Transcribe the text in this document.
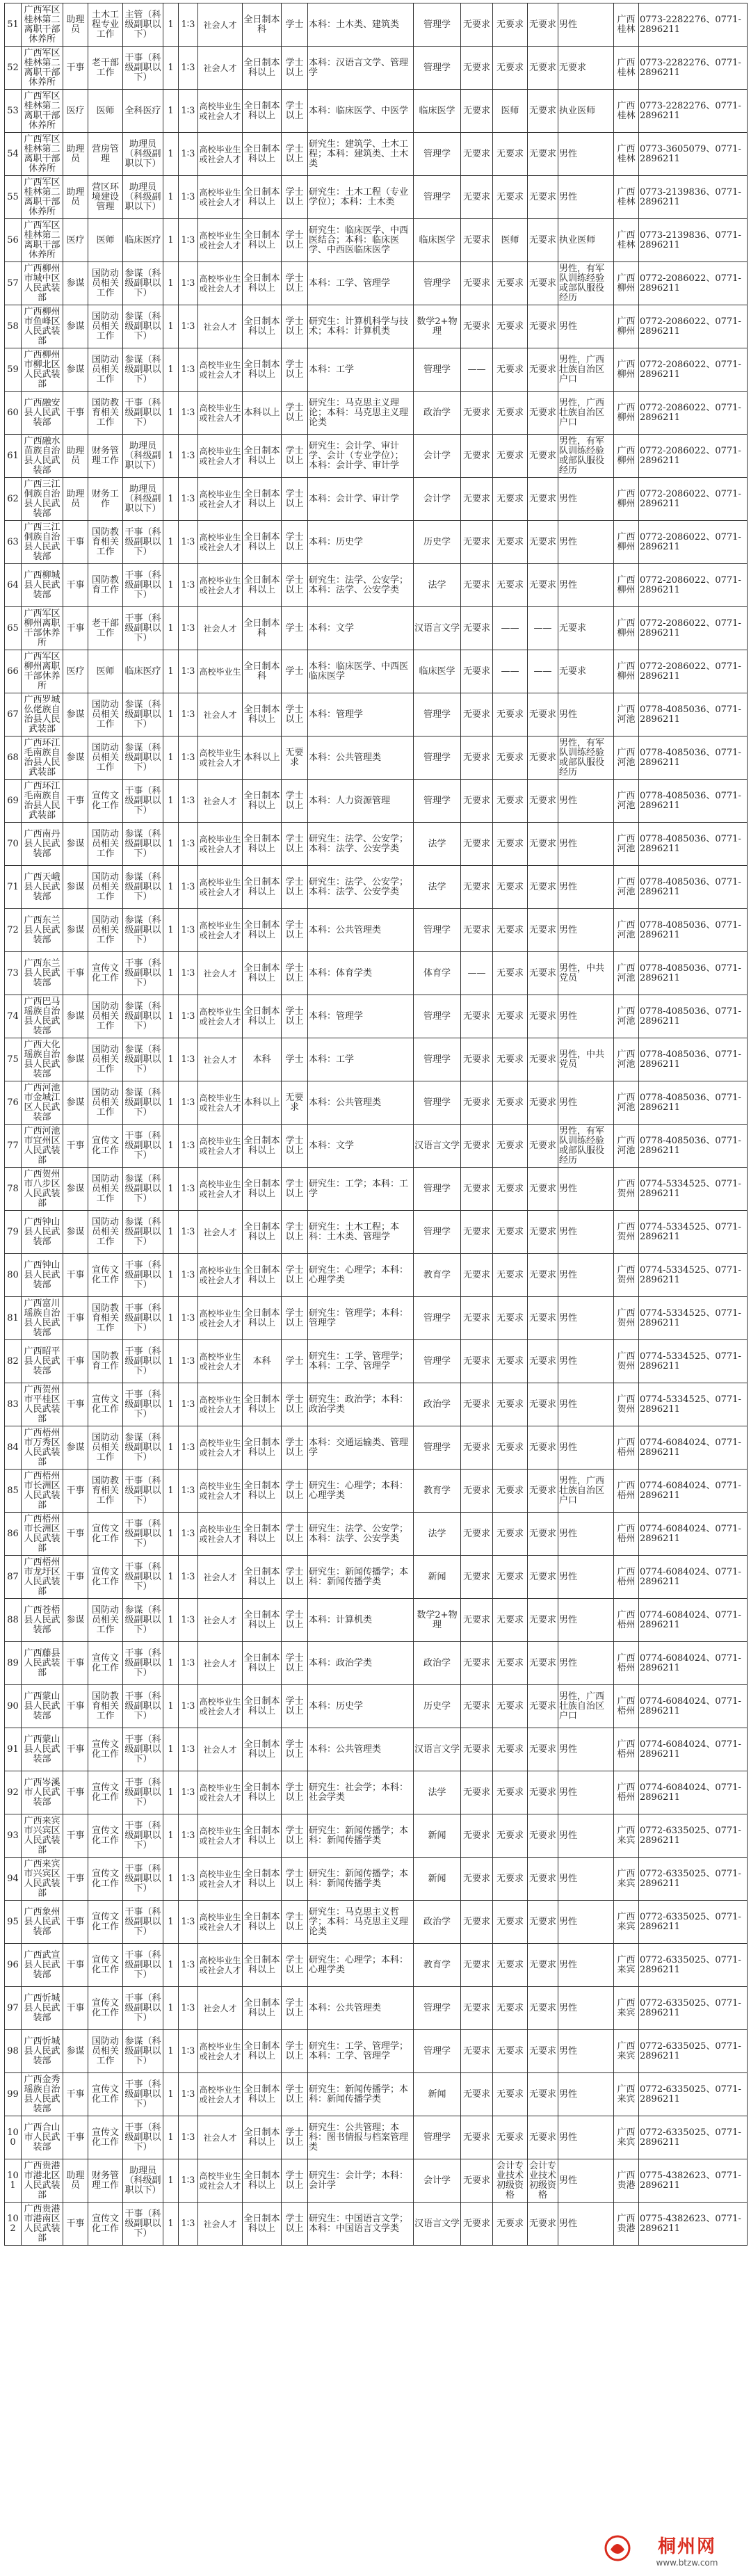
51	广西军区桂林第二离职干部休养所	助理员	土木工程专业工作	主管（科级副职以下）	1	1∶3	社会人才	全日制本科	学士	本科：土木类、建筑类	管理学	无要求	无要求	无要求	男性	广西桂林	0773-2282276、0771-2896211
52	广西军区桂林第二离职干部休养所	干事	老干部工作	干事（科级副职以下）	1	1∶3	社会人才	全日制本科以上	学士以上	本科：汉语言文学、管理学	管理学	无要求	无要求	无要求	无要求	广西桂林	0773-2282276、0771-2896211
53	广西军区桂林第二离职干部休养所	医疗	医师	全科医疗	1	1∶3	高校毕业生或社会人才	全日制本科以上	学士以上	本科：临床医学、中医学	临床医学	无要求	医师	无要求	执业医师	广西桂林	0773-2282276、0771-2896211
54	广西军区桂林第二离职干部休养所	助理员	营房管理	助理员（科级副职以下）	1	1∶3	高校毕业生或社会人才	全日制本科以上	学士以上	研究生：建筑学、土木工程；本科：建筑类、土木类	管理学	无要求	无要求	无要求	男性	广西桂林	0773-3605079、0771-2896211
55	广西军区桂林第二离职干部休养所	助理员	营区环境建设管理	助理员（科级副职以下）	1	1∶3	高校毕业生或社会人才	全日制本科以上	学士以上	研究生：土木工程（专业学位）；本科：土木类	管理学	无要求	无要求	无要求	男性	广西桂林	0773-2139836、0771-2896211
56	广西军区桂林第二离职干部休养所	医疗	医师	临床医疗	1	1∶3	高校毕业生或社会人才	全日制本科以上	学士以上	研究生：临床医学、中西医结合；本科：临床医学、中西医临床医学	临床医学	无要求	医师	无要求	执业医师	广西桂林	0773-2139836、0771-2896211
57	广西柳州市城中区人民武装部	参谋	国防动员相关工作	参谋（科级副职以下）	1	1∶3	高校毕业生或社会人才	全日制本科以上	学士以上	本科：工学、管理学	管理学	无要求	无要求	无要求	男性，有军队训练经验或部队服役经历	广西柳州	0772-2086022、0771-2896211
58	广西柳州市鱼峰区人民武装部	参谋	国防动员相关工作	参谋（科级副职以下）	1	1∶3	社会人才	全日制本科以上	学士以上	研究生：计算机科学与技术；本科：计算机类	数学2+物理	无要求	无要求	无要求	男性	广西柳州	0772-2086022、0771-2896211
59	广西柳州市柳北区人民武装部	参谋	国防动员相关工作	参谋（科级副职以下）	1	1∶3	高校毕业生或社会人才	全日制本科以上	学士以上	本科：工学	管理学	——	无要求	无要求	男性，广西壮族自治区户口	广西柳州	0772-2086022、0771-2896211
60	广西融安县人民武装部	干事	国防教育相关工作	干事（科级副职以下）	1	1∶3	高校毕业生或社会人才	本科以上	学士以上	研究生：马克思主义理论；本科：马克思主义理论类	政治学	无要求	无要求	无要求	男性，广西壮族自治区户口	广西柳州	0772-2086022、0771-2896211
61	广西融水苗族自治县人民武装部	助理员	财务管理工作	助理员（科级副职以下）	1	1∶3	高校毕业生或社会人才	全日制本科以上	学士以上	研究生：会计学、审计学、会计（专业学位）；本科：会计学、审计学	会计学	无要求	无要求	无要求	男性，有军队训练经验或部队服役经历	广西柳州	0772-2086022、0771-2896211
62	广西三江侗族自治县人民武装部	助理员	财务工作	助理员（科级副职以下）	1	1∶3	高校毕业生或社会人才	全日制本科以上	学士以上	本科：会计学、审计学	会计学	无要求	无要求	无要求	男性	广西柳州	0772-2086022、0771-2896211
63	广西三江侗族自治县人民武装部	干事	国防教育相关工作	干事（科级副职以下）	1	1∶3	高校毕业生或社会人才	全日制本科以上	学士以上	本科：历史学	历史学	无要求	无要求	无要求	男性	广西柳州	0772-2086022、0771-2896211
64	广西柳城县人民武装部	干事	国防教育工作	干事（科级副职以下）	1	1∶3	高校毕业生或社会人才	全日制本科以上	学士以上	研究生：法学、公安学；本科：法学、公安学类	法学	无要求	无要求	无要求	男性	广西柳州	0772-2086022、0771-2896211
65	广西军区柳州离职干部休养所	干事	老干部工作	干事（科级副职以下）	1	1∶3	社会人才	全日制本科	学士	本科：文学	汉语言文学	无要求	——	——	无要求	广西柳州	0772-2086022、0771-2896211
66	广西军区柳州离职干部休养所	医疗	医师	临床医疗	1	1∶3	高校毕业生	全日制本科	学士	本科：临床医学、中西医临床医学	临床医学	无要求	——	——	无要求	广西柳州	0772-2086022、0771-2896211
67	广西罗城仫佬族自治县人民武装部	参谋	国防动员相关工作	参谋（科级副职以下）	1	1∶3	社会人才	全日制本科以上	学士以上	本科：管理学	管理学	无要求	无要求	无要求	男性	广西河池	0778-4085036、0771-2896211
68	广西环江毛南族自治县人民武装部	参谋	国防动员相关工作	参谋（科级副职以下）	1	1∶3	高校毕业生或社会人才	本科以上	无要求	本科：公共管理类	管理学	无要求	无要求	无要求	男性，有军队训练经验或部队服役经历	广西河池	0778-4085036、0771-2896211
69	广西环江毛南族自治县人民武装部	干事	宣传文化工作	干事（科级副职以下）	1	1∶3	社会人才	全日制本科以上	学士以上	本科：人力资源管理	管理学	无要求	无要求	无要求	男性	广西河池	0778-4085036、0771-2896211
70	广西南丹县人民武装部	参谋	国防动员相关工作	参谋（科级副职以下）	1	1∶3	高校毕业生或社会人才	全日制本科以上	学士以上	研究生：法学、公安学；本科：法学、公安学类	法学	无要求	无要求	无要求	男性	广西河池	0778-4085036、0771-2896211
71	广西天峨县人民武装部	参谋	国防动员相关工作	参谋（科级副职以下）	1	1∶3	高校毕业生或社会人才	全日制本科以上	学士以上	研究生：法学、公安学；本科：法学、公安学类	法学	无要求	无要求	无要求	男性	广西河池	0778-4085036、0771-2896211
72	广西东兰县人民武装部	参谋	国防动员相关工作	参谋（科级副职以下）	1	1∶3	高校毕业生或社会人才	全日制本科以上	学士以上	本科：公共管理类	管理学	无要求	无要求	无要求	男性	广西河池	0778-4085036、0771-2896211
73	广西东兰县人民武装部	干事	宣传文化工作	干事（科级副职以下）	1	1∶3	社会人才	全日制本科以上	学士以上	本科：体育学类	体育学	——	无要求	无要求	男性，中共党员	广西河池	0778-4085036、0771-2896211
74	广西巴马瑶族自治县人民武装部	参谋	国防动员相关工作	参谋（科级副职以下）	1	1∶3	高校毕业生或社会人才	全日制本科以上	学士以上	本科：管理学	管理学	无要求	无要求	无要求	男性	广西河池	0778-4085036、0771-2896211
75	广西大化瑶族自治县人民武装部	参谋	国防动员相关工作	参谋（科级副职以下）	1	1∶3	社会人才	本科	学士	本科：工学	管理学	无要求	无要求	无要求	男性，中共党员	广西河池	0778-4085036、0771-2896211
76	广西河池市金城江区人民武装部	参谋	国防动员相关工作	参谋（科级副职以下）	1	1∶3	高校毕业生或社会人才	本科以上	无要求	本科：公共管理类	管理学	无要求	无要求	无要求	男性	广西河池	0778-4085036、0771-2896211
77	广西河池市宜州区人民武装部	干事	宣传文化工作	干事（科级副职以下）	1	1∶3	高校毕业生或社会人才	全日制本科以上	学士以上	本科：文学	汉语言文学	无要求	无要求	无要求	男性，有军队训练经验或部队服役经历	广西河池	0778-4085036、0771-2896211
78	广西贺州市八步区人民武装部	参谋	国防动员相关工作	参谋（科级副职以下）	1	1∶3	高校毕业生或社会人才	全日制本科以上	学士以上	研究生：工学；本科：工学	管理学	无要求	无要求	无要求	男性	广西贺州	0774-5334525、0771-2896211
79	广西钟山县人民武装部	参谋	国防动员相关工作	参谋（科级副职以下）	1	1∶3	社会人才	全日制本科以上	学士以上	研究生：土木工程；本科：土木类、管理学	管理学	无要求	无要求	无要求	男性	广西贺州	0774-5334525、0771-2896211
80	广西钟山县人民武装部	干事	宣传文化工作	干事（科级副职以下）	1	1∶3	高校毕业生或社会人才	全日制本科以上	学士以上	研究生：心理学；本科：心理学类	教育学	无要求	无要求	无要求	男性	广西贺州	0774-5334525、0771-2896211
81	广西富川瑶族自治县人民武装部	干事	国防教育相关工作	干事（科级副职以下）	1	1∶3	高校毕业生或社会人才	全日制本科以上	学士以上	研究生：管理学；本科：管理学	管理学	无要求	无要求	无要求	男性	广西贺州	0774-5334525、0771-2896211
82	广西昭平县人民武装部	干事	国防教育工作	干事（科级副职以下）	1	1∶3	高校毕业生或社会人才	本科	学士	研究生：工学、管理学；本科：工学、管理学	管理学	无要求	无要求	无要求	男性	广西贺州	0774-5334525、0771-2896211
83	广西贺州市平桂区人民武装部	干事	宣传文化工作	干事（科级副职以下）	1	1∶3	高校毕业生或社会人才	全日制本科以上	学士以上	研究生：政治学；本科：政治学类	政治学	无要求	无要求	无要求	男性	广西贺州	0774-5334525、0771-2896211
84	广西梧州市万秀区人民武装部	参谋	国防动员相关工作	参谋（科级副职以下）	1	1∶3	高校毕业生或社会人才	全日制本科以上	学士以上	本科：交通运输类、管理学	管理学	无要求	无要求	无要求	男性	广西梧州	0774-6084024、0771-2896211
85	广西梧州市长洲区人民武装部	干事	国防教育相关工作	干事（科级副职以下）	1	1∶3	高校毕业生或社会人才	全日制本科以上	学士以上	研究生：心理学；本科：心理学类	教育学	无要求	无要求	无要求	男性，广西壮族自治区户口	广西梧州	0774-6084024、0771-2896211
86	广西梧州市长洲区人民武装部	干事	宣传文化工作	干事（科级副职以下）	1	1∶3	高校毕业生或社会人才	全日制本科以上	学士以上	研究生：法学、公安学；本科：法学、公安学类	法学	无要求	无要求	无要求	男性	广西梧州	0774-6084024、0771-2896211
87	广西梧州市龙圩区人民武装部	干事	宣传文化工作	干事（科级副职以下）	1	1∶3	社会人才	全日制本科以上	学士以上	研究生：新闻传播学；本科：新闻传播学类	新闻	无要求	无要求	无要求	男性	广西梧州	0774-6084024、0771-2896211
88	广西苍梧县人民武装部	参谋	国防动员相关工作	参谋（科级副职以下）	1	1∶3	社会人才	全日制本科以上	学士以上	本科：计算机类	数学2+物理	无要求	无要求	无要求	男性	广西梧州	0774-6084024、0771-2896211
89	广西藤县人民武装部	干事	宣传文化工作	干事（科级副职以下）	1	1∶3	社会人才	全日制本科以上	学士以上	本科：政治学类	政治学	无要求	无要求	无要求	男性	广西梧州	0774-6084024、0771-2896211
90	广西蒙山县人民武装部	干事	国防教育相关工作	干事（科级副职以下）	1	1∶3	高校毕业生或社会人才	全日制本科以上	学士以上	本科：历史学	历史学	无要求	无要求	无要求	男性，广西壮族自治区户口	广西梧州	0774-6084024、0771-2896211
91	广西蒙山县人民武装部	干事	宣传文化工作	干事（科级副职以下）	1	1∶3	社会人才	全日制本科以上	学士以上	本科：公共管理类	汉语言文学	无要求	无要求	无要求	男性	广西梧州	0774-6084024、0771-2896211
92	广西岑溪市人民武装部	干事	宣传文化工作	干事（科级副职以下）	1	1∶3	高校毕业生或社会人才	全日制本科以上	学士以上	研究生：社会学；本科：社会学类	法学	无要求	无要求	无要求	男性	广西梧州	0774-6084024、0771-2896211
93	广西来宾市兴宾区人民武装部	干事	宣传文化工作	干事（科级副职以下）	1	1∶3	高校毕业生或社会人才	全日制本科以上	学士以上	研究生：新闻传播学；本科：新闻传播学类	新闻	无要求	无要求	无要求	男性	广西来宾	0772-6335025、0771-2896211
94	广西来宾市兴宾区人民武装部	干事	宣传文化工作	干事（科级副职以下）	1	1∶3	高校毕业生或社会人才	全日制本科以上	学士以上	研究生：新闻传播学；本科：新闻传播学类	新闻	无要求	无要求	无要求	男性	广西来宾	0772-6335025、0771-2896211
95	广西象州县人民武装部	干事	宣传文化工作	干事（科级副职以下）	1	1∶3	高校毕业生或社会人才	全日制本科以上	学士以上	研究生：马克思主义哲学；本科：马克思主义理论类	政治学	无要求	无要求	无要求	男性	广西来宾	0772-6335025、0771-2896211
96	广西武宣县人民武装部	干事	宣传文化工作	干事（科级副职以下）	1	1∶3	高校毕业生或社会人才	全日制本科以上	学士以上	研究生：心理学；本科：心理学类	教育学	无要求	无要求	无要求	男性	广西来宾	0772-6335025、0771-2896211
97	广西忻城县人民武装部	干事	宣传文化工作	干事（科级副职以下）	1	1∶3	社会人才	全日制本科以上	学士以上	本科：公共管理类	管理学	无要求	无要求	无要求	男性	广西来宾	0772-6335025、0771-2896211
98	广西忻城县人民武装部	参谋	国防动员相关工作	参谋（科级副职以下）	1	1∶3	高校毕业生或社会人才	全日制本科以上	学士以上	研究生：工学、管理学；本科：工学、管理学	管理学	无要求	无要求	无要求	男性	广西来宾	0772-6335025、0771-2896211
99	广西金秀瑶族自治县人民武装部	干事	宣传文化工作	干事（科级副职以下）	1	1∶3	高校毕业生或社会人才	全日制本科以上	学士以上	研究生：新闻传播学；本科：新闻传播学类	新闻	无要求	无要求	无要求	男性	广西来宾	0772-6335025、0771-2896211
100	广西合山市人民武装部	干事	宣传文化工作	干事（科级副职以下）	1	1∶3	社会人才	全日制本科以上	学士以上	研究生：公共管理；本科：图书情报与档案管理类	管理学	无要求	无要求	无要求	男性	广西来宾	0772-6335025、0771-2896211
101	广西贵港市港北区人民武装部	助理员	财务管理工作	助理员（科级副职以下）	1	1∶3	高校毕业生或社会人才	全日制本科以上	学士以上	研究生：会计学；本科：会计学	会计学	无要求	会计专业技术初级资格	会计专业技术初级资格	男性	广西贵港	0775-4382623、0771-2896211
102	广西贵港市港南区人民武装部	干事	宣传文化工作	干事（科级副职以下）	1	1∶3	社会人才	全日制本科以上	学士以上	研究生：中国语言文学；本科：中国语言文学类	汉语言文学	无要求	无要求	无要求	男性	广西贵港	0775-4382623、0771-2896211
桐州网
www.btzw.com
